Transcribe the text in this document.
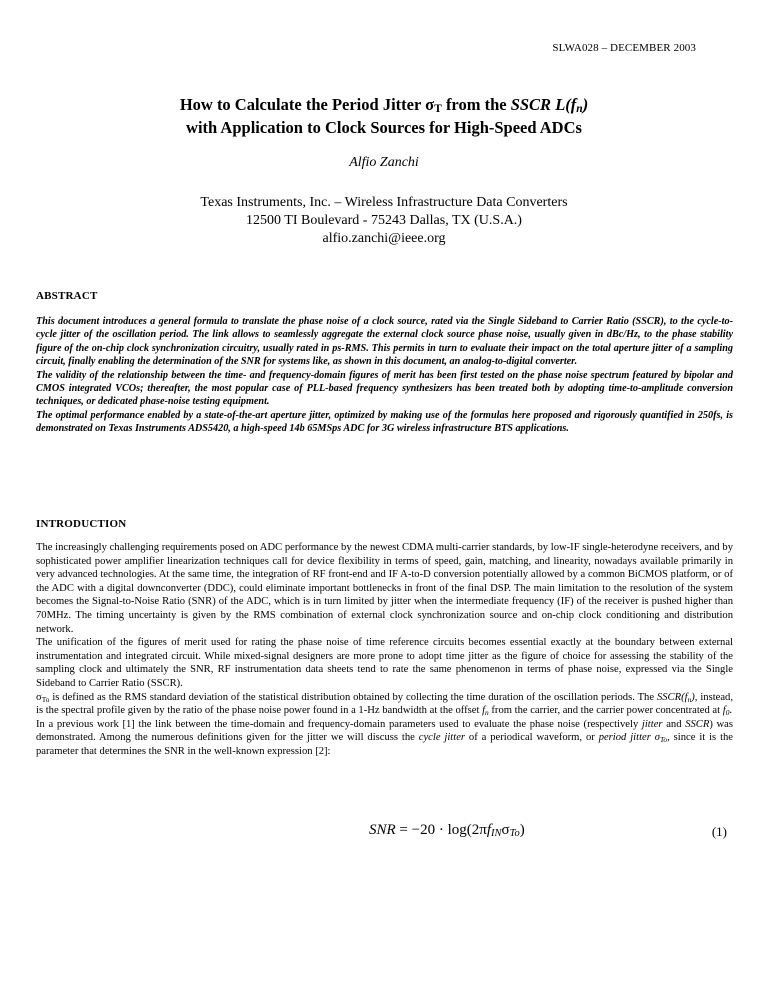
SLWA028 – DECEMBER 2003
How to Calculate the Period Jitter $\sigma_T$ from the SSCR $L(f_n)$
with Application to Clock Sources for High-Speed ADCs
Alfio Zanchi
Texas Instruments, Inc. – Wireless Infrastructure Data Converters
12500 TI Boulevard - 75243 Dallas, TX (U.S.A.)
alfio.zanchi@ieee.org
ABSTRACT

This document introduces a general formula to translate the phase noise of a clock source, rated via the Single Sideband to Carrier Ratio (SSCR), to the cycle-to-cycle jitter of the oscillation period. The link allows to seamlessly aggregate the external clock source phase noise, usually given in dBc/Hz, to the phase stability figure of the on-chip clock synchronization circuitry, usually rated in ps-RMS. This permits in turn to evaluate their impact on the total aperture jitter of a sampling circuit, finally enabling the determination of the SNR for systems like, as shown in this document, an analog-to-digital converter.

The validity of the relationship between the time- and frequency-domain figures of merit has been first tested on the phase noise spectrum featured by bipolar and CMOS integrated VCOs; thereafter, the most popular case of PLL-based frequency synthesizers has been treated both by adopting time-to-amplitude conversion techniques, or dedicated phase-noise testing equipment.

The optimal performance enabled by a state-of-the-art aperture jitter, optimized by making use of the formulas here proposed and rigorously quantified in 250fs, is demonstrated on Texas Instruments ADS5420, a high-speed 14b 65MSps ADC for 3G wireless infrastructure BTS applications.

INTRODUCTION

The increasingly challenging requirements posed on ADC performance by the newest CDMA multi-carrier standards, by low-IF single-heterodyne receivers, and by sophisticated power amplifier linearization techniques call for device flexibility in terms of speed, gain, matching, and linearity, nowadays available primarily in very advanced technologies. At the same time, the integration of RF front-end and IF A-to-D conversion potentially allowed by a common BiCMOS platform, or of the ADC with a digital downconverter (DDC), could eliminate important bottlenecks in front of the final DSP. The main limitation to the resolution of the system becomes the Signal-to-Noise Ratio (SNR) of the ADC, which is in turn limited by jitter when the intermediate frequency (IF) of the receiver is pushed higher than 70MHz. The timing uncertainty is given by the RMS combination of external clock synchronization source and on-chip clock conditioning and distribution network.

The unification of the figures of merit used for rating the phase noise of time reference circuits becomes essential exactly at the boundary between external instrumentation and integrated circuit. While mixed-signal designers are more prone to adopt time jitter as the figure of choice for assessing the stability of the sampling clock and ultimately the SNR, RF instrumentation data sheets tend to rate the same phenomenon in terms of phase noise, expressed via the Single Sideband to Carrier Ratio (SSCR).

$\sigma_{To}$ is defined as the RMS standard deviation of the statistical distribution obtained by collecting the time duration of the oscillation periods. The $SSCR(f_n)$, instead, is the spectral profile given by the ratio of the phase noise power found in a 1-Hz bandwidth at the offset $f_n$ from the carrier, and the carrier power concentrated at $f_0$.

In a previous work [1] the link between the time-domain and frequency-domain parameters used to evaluate the phase noise (respectively jitter and SSCR) was demonstrated. Among the numerous definitions given for the jitter we will discuss the cycle jitter of a periodical waveform, or period jitter $\sigma_{To}$, since it is the parameter that determines the SNR in the well-known expression [2]:

SNR = $-20 \cdot \log(2\pi f_{IN}\sigma_{To})$	(1)
